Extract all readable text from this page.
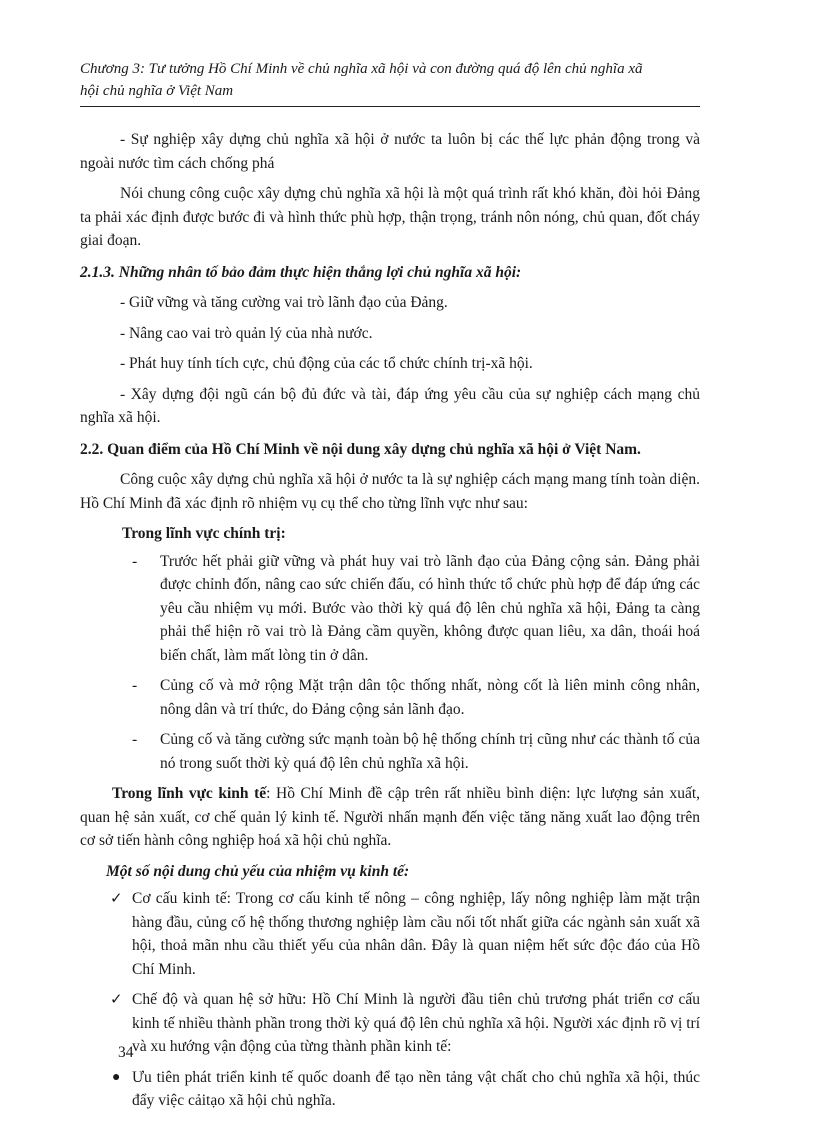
Chương 3: Tư tưởng Hồ Chí Minh về chủ nghĩa xã hội và con đường quá độ lên chủ nghĩa xã
hội chủ nghĩa ở Việt Nam

- Sự nghiệp xây dựng chủ nghĩa xã hội ở nước ta luôn bị các thế lực phản động trong và ngoài nước tìm cách chống phá

Nói chung công cuộc xây dựng chủ nghĩa xã hội là một quá trình rất khó khăn, đòi hỏi Đảng ta phải xác định được bước đi và hình thức phù hợp, thận trọng, tránh nôn nóng, chủ quan, đốt cháy giai đoạn.

2.1.3. Những nhân tố bảo đảm thực hiện thắng lợi chủ nghĩa xã hội:

- Giữ vững và tăng cường vai trò lãnh đạo của Đảng.

- Nâng cao vai trò quản lý của nhà nước.

- Phát huy tính tích cực, chủ động của các tổ chức chính trị-xã hội.

- Xây dựng đội ngũ cán bộ đủ đức và tài, đáp ứng yêu cầu của sự nghiệp cách mạng chủ nghĩa xã hội.

2.2. Quan điểm của Hồ Chí Minh về nội dung xây dựng chủ nghĩa xã hội ở Việt Nam.

Công cuộc xây dựng chủ nghĩa xã hội ở nước ta là sự nghiệp cách mạng mang tính toàn diện. Hồ Chí Minh đã xác định rõ nhiệm vụ cụ thể cho từng lĩnh vực như sau:

Trong lĩnh vực chính trị:

- Trước hết phải giữ vững và phát huy vai trò lãnh đạo của Đảng cộng sản. Đảng phải được chỉnh đốn, nâng cao sức chiến đấu, có hình thức tổ chức phù hợp để đáp ứng các yêu cầu nhiệm vụ mới. Bước vào thời kỳ quá độ lên chủ nghĩa xã hội, Đảng ta càng phải thể hiện rõ vai trò là Đảng cầm quyền, không được quan liêu, xa dân, thoái hoá biến chất, làm mất lòng tin ở dân.
- Củng cố và mở rộng Mặt trận dân tộc thống nhất, nòng cốt là liên minh công nhân, nông dân và trí thức, do Đảng cộng sản lãnh đạo.
- Củng cố và tăng cường sức mạnh toàn bộ hệ thống chính trị cũng như các thành tố của nó trong suốt thời kỳ quá độ lên chủ nghĩa xã hội.

Trong lĩnh vực kinh tế: Hồ Chí Minh đề cập trên rất nhiều bình diện: lực lượng sản xuất, quan hệ sản xuất, cơ chế quản lý kinh tế. Người nhấn mạnh đến việc tăng năng xuất lao động trên cơ sở tiến hành công nghiệp hoá xã hội chủ nghĩa.

Một số nội dung chủ yếu của nhiệm vụ kinh tế:

✓ Cơ cấu kinh tế: Trong cơ cấu kinh tế nông – công nghiệp, lấy nông nghiệp làm mặt trận hàng đầu, củng cố hệ thống thương nghiệp làm cầu nối tốt nhất giữa các ngành sản xuất xã hội, thoả mãn nhu cầu thiết yếu của nhân dân. Đây là quan niệm hết sức độc đáo của Hồ Chí Minh.
✓ Chế độ và quan hệ sở hữu: Hồ Chí Minh là người đầu tiên chủ trương phát triển cơ cấu kinh tế nhiều thành phần trong thời kỳ quá độ lên chủ nghĩa xã hội. Người xác định rõ vị trí và xu hướng vận động của từng thành phần kinh tế:
● Ưu tiên phát triển kinh tế quốc doanh để tạo nền tảng vật chất cho chủ nghĩa xã hội, thúc đẩy việc cảitạo xã hội chủ nghĩa.
34
